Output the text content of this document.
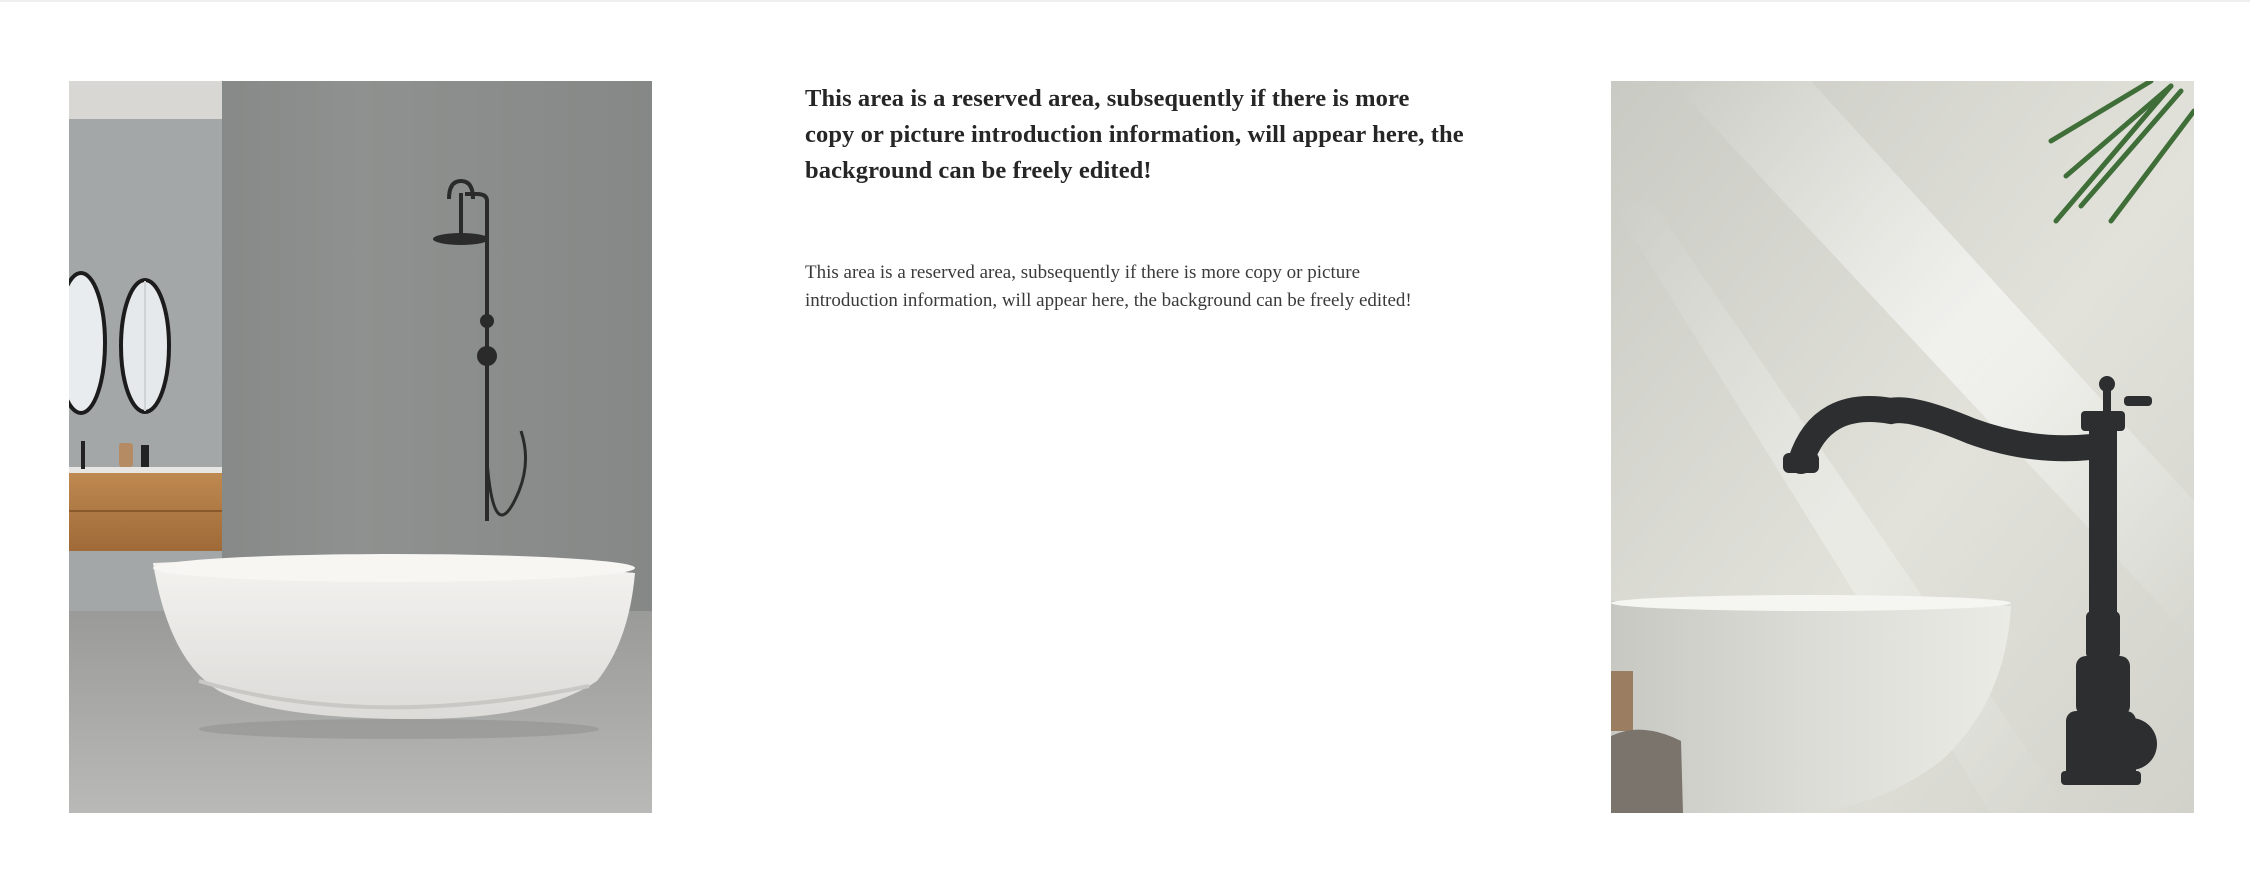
This area is a reserved area, subsequently if there is more copy or picture introduction information, will appear here, the background can be freely edited!

This area is a reserved area, subsequently if there is more copy or picture introduction information, will appear here, the background can be freely edited!
